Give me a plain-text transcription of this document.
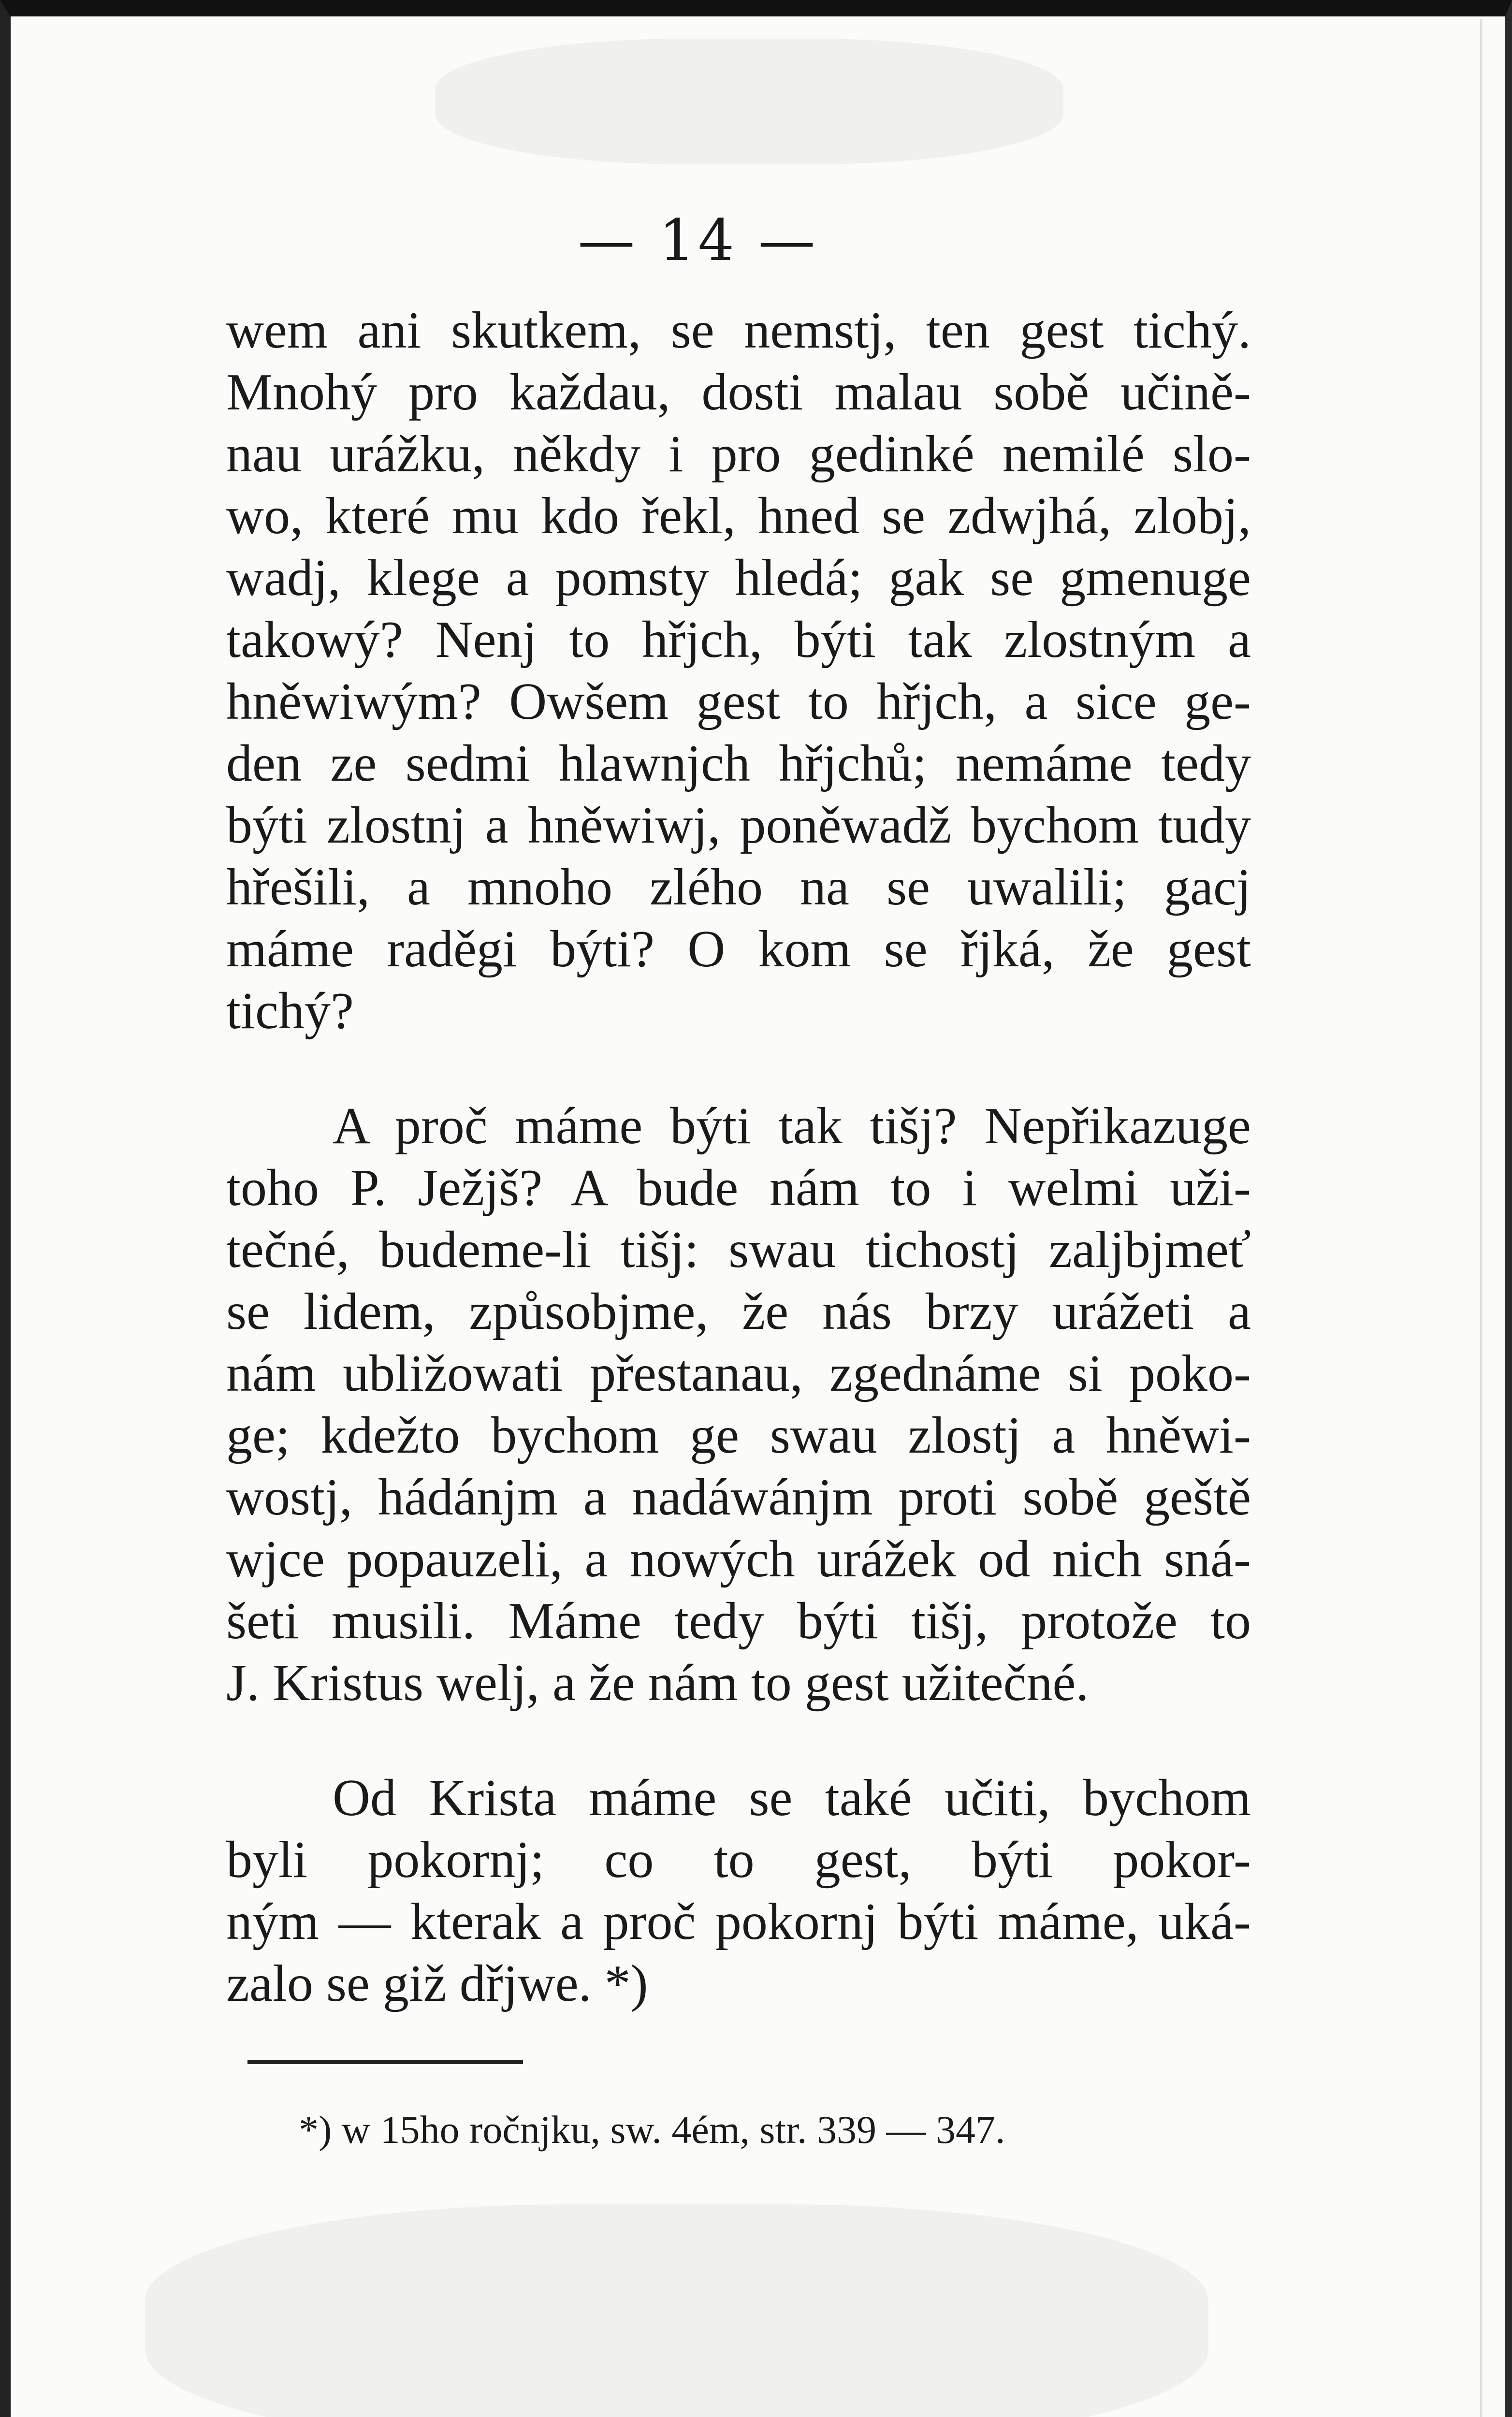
— 14 —

wem ani skutkem, se nemstj, ten gest tichý.
Mnohý pro každau, dosti malau sobě učině-
nau urážku, někdy i pro gedinké nemilé slo-
wo, které mu kdo řekl, hned se zdwjhá, zlobj,
wadj, klege a pomsty hledá; gak se gmenuge
takowý? Nenj to hřjch, býti tak zlostným a
hněwiwým? Owšem gest to hřjch, a sice ge-
den ze sedmi hlawnjch hřjchů; nemáme tedy
býti zlostnj a hněwiwj, poněwadž bychom tudy
hřešili, a mnoho zlého na se uwalili; gacj
máme raděgi býti? O kom se řjká, že gest
tichý?

A proč máme býti tak tišj? Nepřikazuge
toho P. Ježjš? A bude nám to i welmi uži-
tečné, budeme-li tišj: swau tichostj zaljbjmeť
se lidem, způsobjme, že nás brzy urážeti a
nám ubližowati přestanau, zgednáme si poko-
ge; kdežto bychom ge swau zlostj a hněwi-
wostj, hádánjm a nadáwánjm proti sobě geště
wjce popauzeli, a nowých urážek od nich sná-
šeti musili. Máme tedy býti tišj, protože to
J. Kristus welj, a že nám to gest užitečné.

Od Krista máme se také učiti, bychom
byli pokornj; co to gest, býti pokor-
ným — kterak a proč pokornj býti máme, uká-
zalo se giž dřjwe. *)

*) w 15ho ročnjku, sw. 4ém, str. 339 — 347.
